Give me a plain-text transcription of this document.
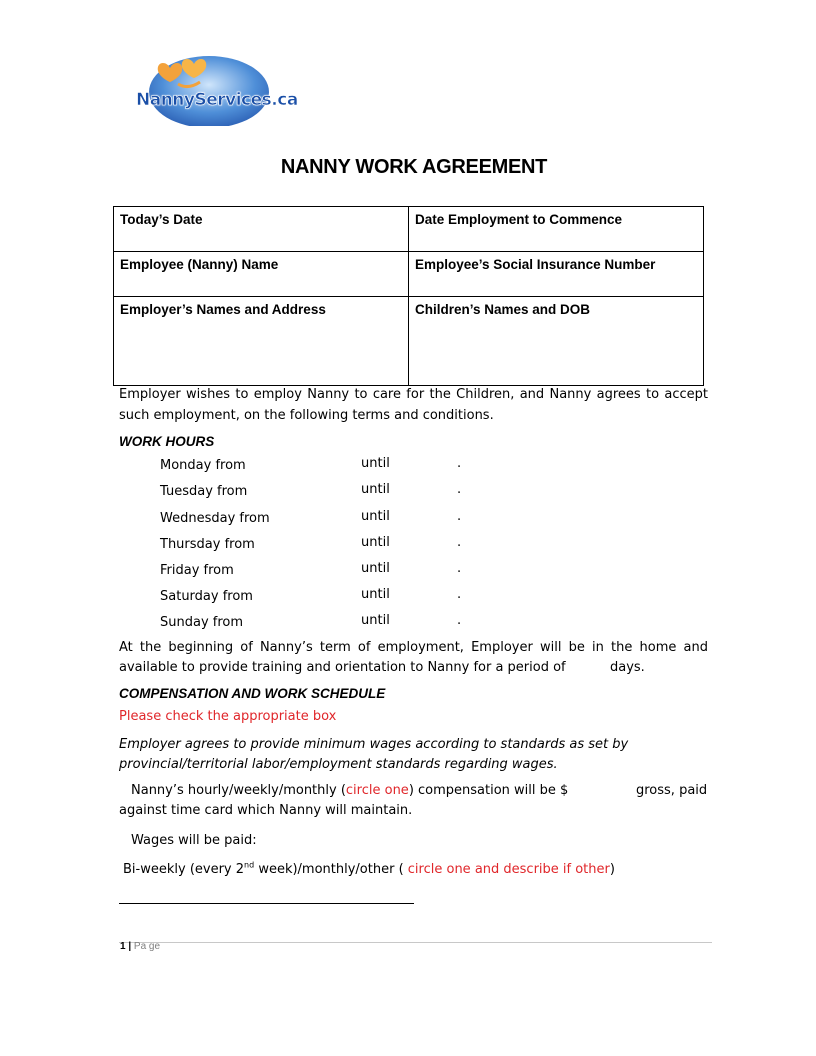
NannyServices.ca
NANNY WORK AGREEMENT
Today’s Date	Date Employment to Commence
Employee (Nanny) Name	Employee’s Social Insurance Number
Employer’s Names and Address	Children’s Names and DOB
Employer wishes to employ Nanny to care for the Children, and Nanny agrees to accept
such employment, on the following terms and conditions.
WORK HOURS
Monday from	until	.
Tuesday from	until	.
Wednesday from	until	.
Thursday from	until	.
Friday from	until	.
Saturday from	until	.
Sunday from	until	.
At the beginning of Nanny’s term of employment, Employer will be in the home and
available to provide training and orientation to Nanny for a period of	days.
COMPENSATION AND WORK SCHEDULE
Please check the appropriate box
Employer agrees to provide minimum wages according to standards as set by
provincial/territorial labor/employment standards regarding wages.
Nanny’s hourly/weekly/monthly (circle one) compensation will be $	gross, paid
against time card which Nanny will maintain.
Wages will be paid:
Bi-weekly (every 2nd week)/monthly/other ( circle one and describe if other)
1 | Pa ge
